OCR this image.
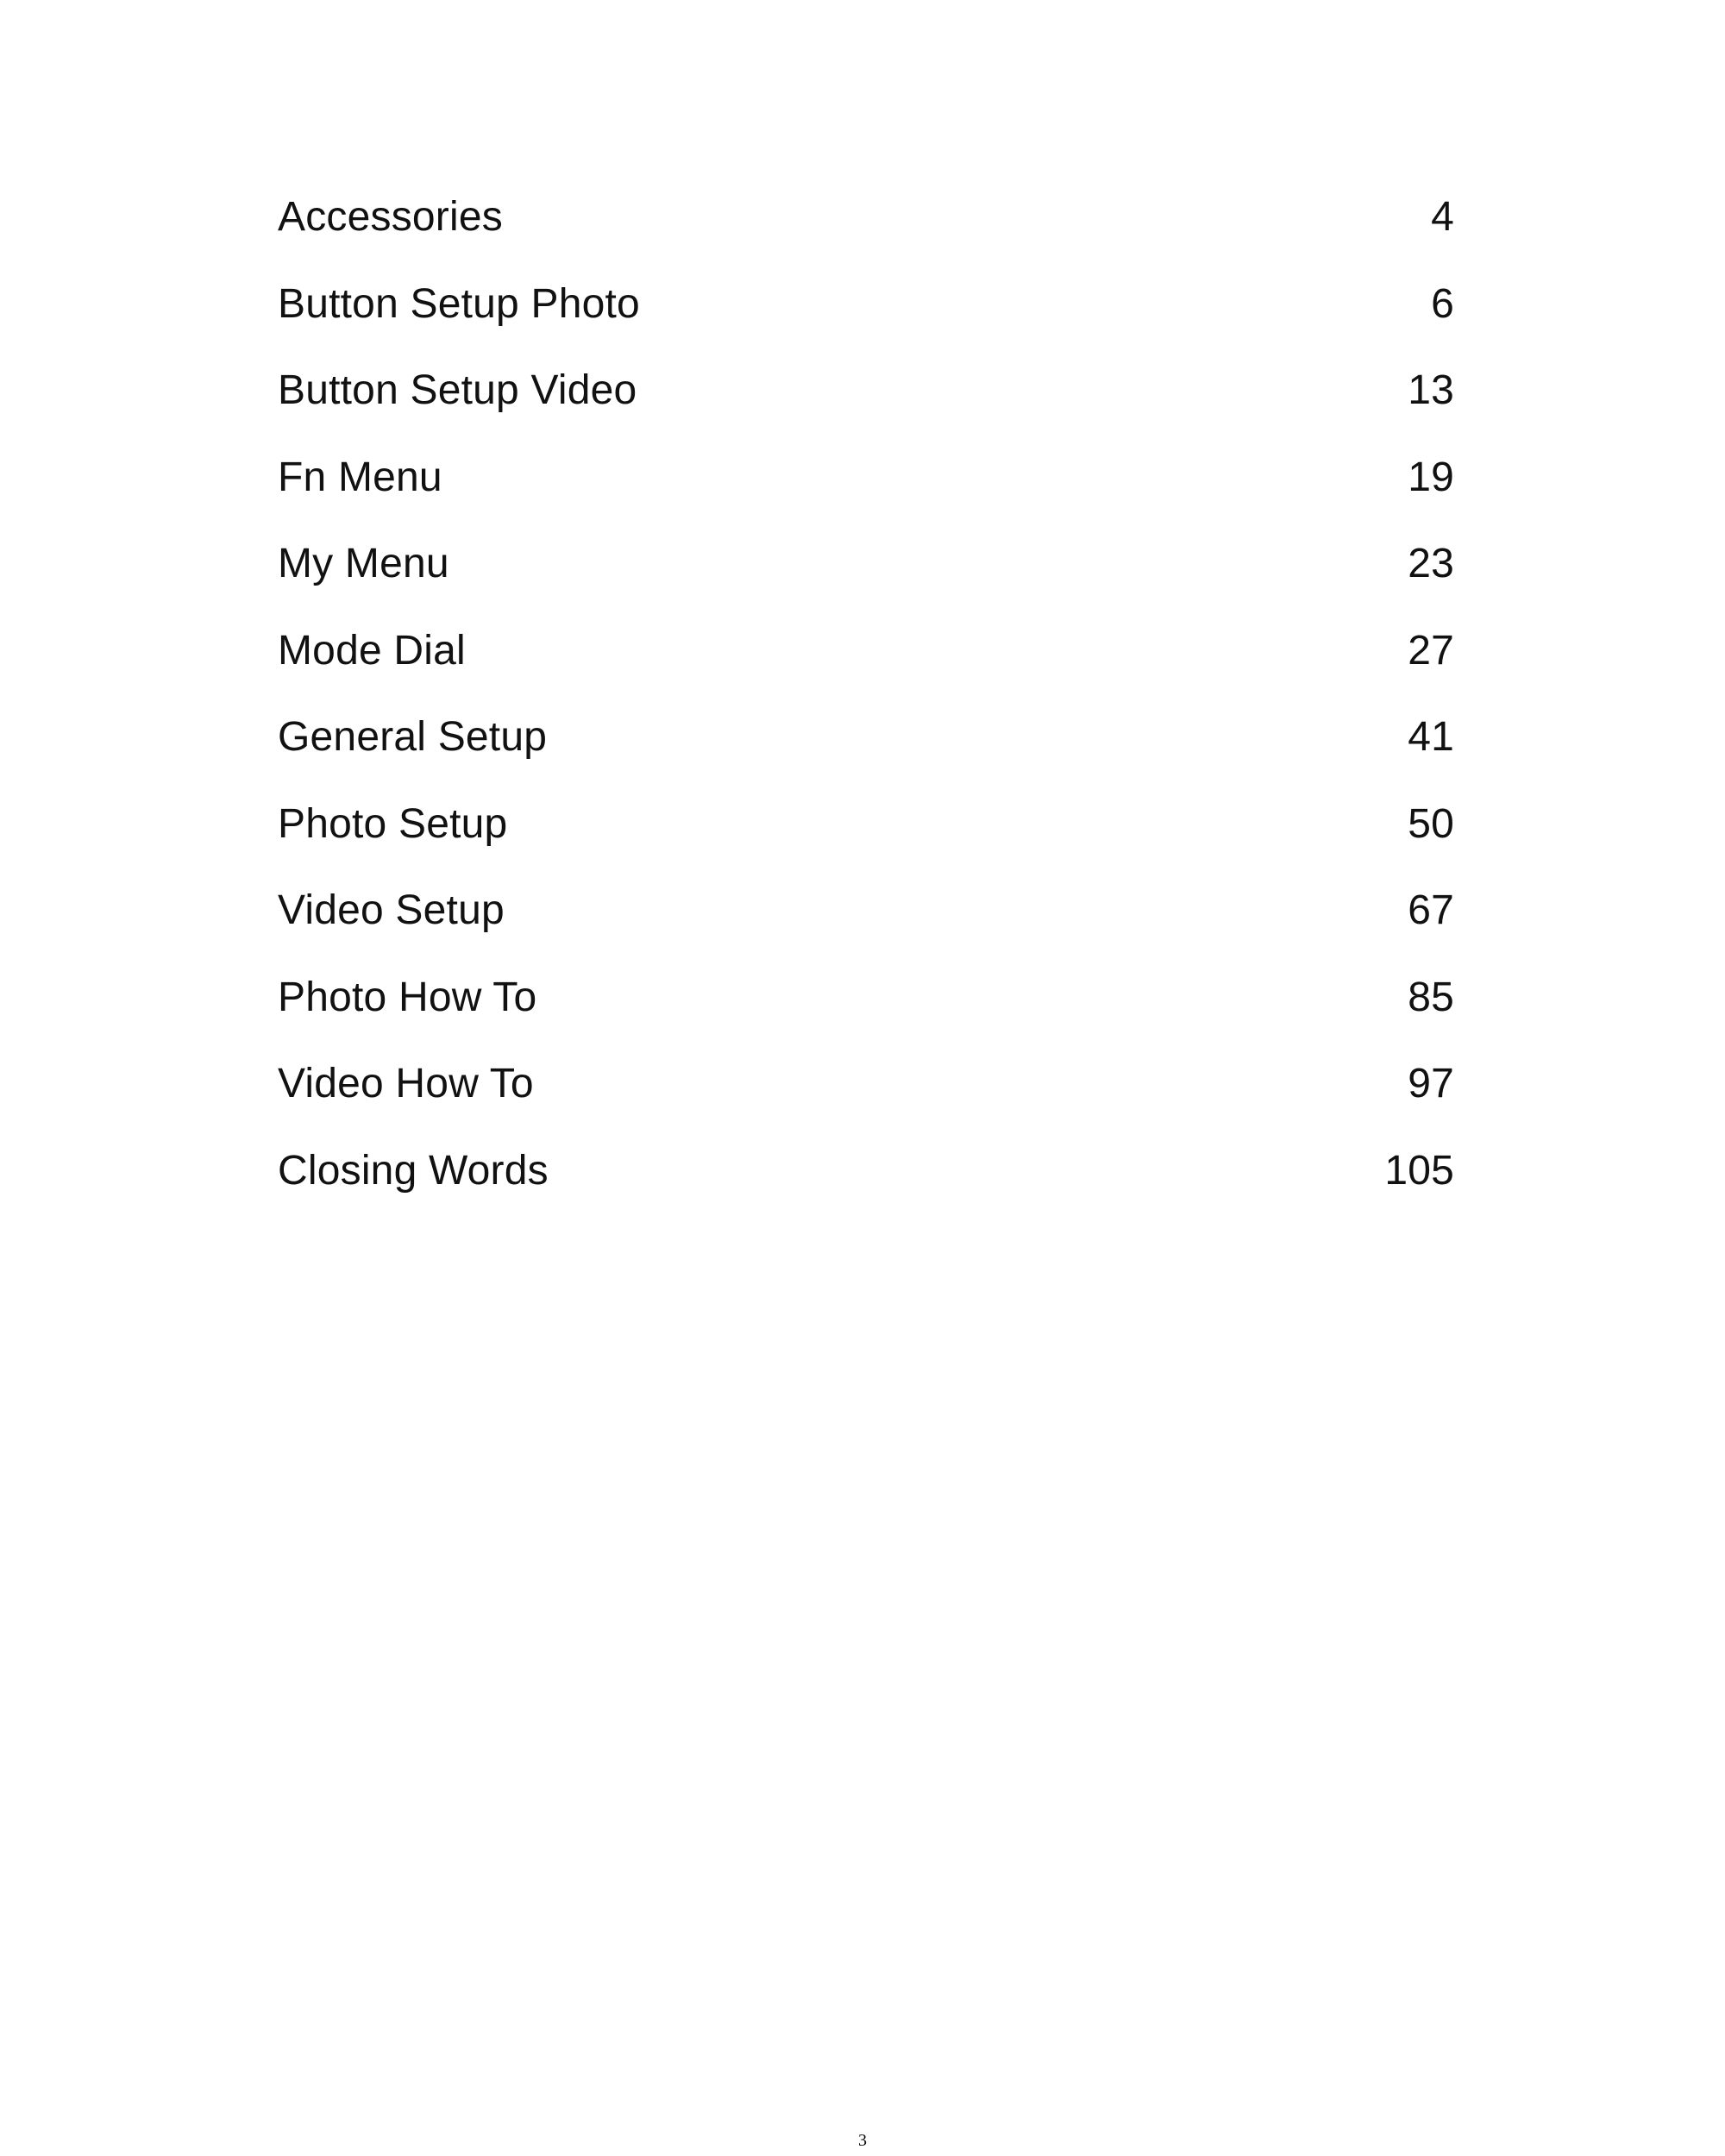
Accessories	4
Button Setup Photo	6
Button Setup Video	13
Fn Menu	19
My Menu	23
Mode Dial	27
General Setup	41
Photo Setup	50
Video Setup	67
Photo How To	85
Video How To	97
Closing Words	105
3
